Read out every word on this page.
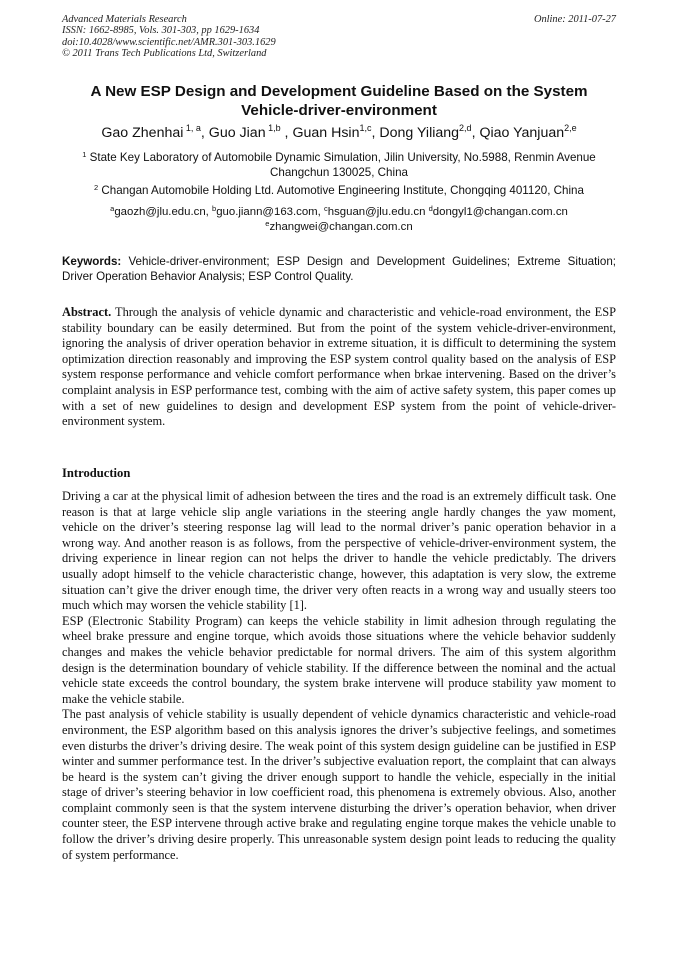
Advanced Materials Research
ISSN: 1662-8985, Vols. 301-303, pp 1629-1634
doi:10.4028/www.scientific.net/AMR.301-303.1629
© 2011 Trans Tech Publications Ltd, Switzerland
Online: 2011-07-27
A New ESP Design and Development Guideline Based on the System Vehicle-driver-environment
Gao Zhenhai $^{1, a}$, Guo Jian $^{1,b}$ , Guan Hsin$^{1,c}$, Dong Yiliang$^{2,d}$, Qiao Yanjuan$^{2,e}$
$^1$ State Key Laboratory of Automobile Dynamic Simulation, Jilin University, No.5988, Renmin Avenue Changchun 130025, China
$^2$ Changan Automobile Holding Ltd. Automotive Engineering Institute, Chongqing 401120, China
$^a$gaozh@jlu.edu.cn, $^b$guo.jiann@163.com, $^c$hsguan@jlu.edu.cn $^d$dongyl1@changan.com.cn
$^e$zhangwei@changan.com.cn
Keywords: Vehicle-driver-environment; ESP Design and Development Guidelines; Extreme Situation; Driver Operation Behavior Analysis; ESP Control Quality.
Abstract. Through the analysis of vehicle dynamic and characteristic and vehicle-road environment, the ESP stability boundary can be easily determined. But from the point of the system vehicle-driver-environment, ignoring the analysis of driver operation behavior in extreme situation, it is difficult to determining the system optimization direction reasonably and improving the ESP system control quality based on the analysis of ESP system response performance and vehicle comfort performance when brkae intervening. Based on the driver’s complaint analysis in ESP performance test, combing with the aim of active safety system, this paper comes up with a set of new guidelines to design and development ESP system from the point of vehicle-driver-environment system.
Introduction

Driving a car at the physical limit of adhesion between the tires and the road is an extremely difficult task. One reason is that at large vehicle slip angle variations in the steering angle hardly changes the yaw moment, vehicle on the driver’s steering response lag will lead to the normal driver’s panic operation behavior in a wrong way. And another reason is as follows, from the perspective of vehicle-driver-environment system, the driving experience in linear region can not helps the driver to handle the vehicle predictably. The drivers usually adopt himself to the vehicle characteristic change, however, this adaptation is very slow, the extreme situation can’t give the driver enough time, the driver very often reacts in a wrong way and usually steers too much which may worsen the vehicle stability [1].

ESP (Electronic Stability Program) can keeps the vehicle stability in limit adhesion through regulating the wheel brake pressure and engine torque, which avoids those situations where the vehicle behavior suddenly changes and makes the vehicle behavior predictable for normal drivers. The aim of this system algorithm design is the determination boundary of vehicle stability. If the difference between the nominal and the actual vehicle state exceeds the control boundary, the system brake intervene will produce stability yaw moment to make the vehicle stabile.

The past analysis of vehicle stability is usually dependent of vehicle dynamics characteristic and vehicle-road environment, the ESP algorithm based on this analysis ignores the driver’s subjective feelings, and sometimes even disturbs the driver’s driving desire. The weak point of this system design guideline can be justified in ESP winter and summer performance test. In the driver’s subjective evaluation report, the complaint that can always be heard is the system can’t giving the driver enough support to handle the vehicle, especially in the initial stage of driver’s steering behavior in low coefficient road, this phenomena is extremely obvious. Also, another complaint commonly seen is that the system intervene disturbing the driver’s operation behavior, when driver counter steer, the ESP intervene through active brake and regulating engine torque makes the vehicle unable to follow the driver’s driving desire properly. This unreasonable system design point leads to reducing the quality of system performance.
